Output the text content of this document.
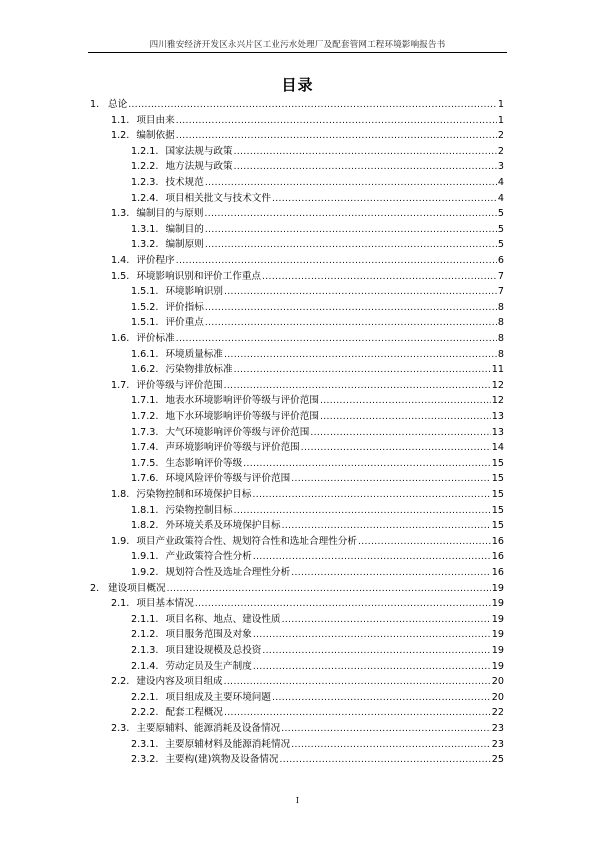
四川雅安经济开发区永兴片区工业污水处理厂及配套管网工程环境影响报告书
目录
1. 总论 .....	1
1.1. 项目由来 .....	1
1.2. 编制依据 .....	2
1.2.1. 国家法规与政策 .....	2
1.2.2. 地方法规与政策 .....	3
1.2.3. 技术规范 .....	4
1.2.4. 项目相关批文与技术文件 .....	4
1.3. 编制目的与原则 .....	5
1.3.1. 编制目的 .....	5
1.3.2. 编制原则 .....	5
1.4. 评价程序 .....	6
1.5. 环境影响识别和评价工作重点 .....	7
1.5.1. 环境影响识别 .....	7
1.5.2. 评价指标 .....	8
1.5.1. 评价重点 .....	8
1.6. 评价标准 .....	8
1.6.1. 环境质量标准 .....	8
1.6.2. 污染物排放标准 .....	11
1.7. 评价等级与评价范围 .....	12
1.7.1. 地表水环境影响评价等级与评价范围 .....	12
1.7.2. 地下水环境影响评价等级与评价范围 .....	13
1.7.3. 大气环境影响评价等级与评价范围 .....	13
1.7.4. 声环境影响评价等级与评价范围 .....	14
1.7.5. 生态影响评价等级 .....	15
1.7.6. 环境风险评价等级与评价范围 .....	15
1.8. 污染物控制和环境保护目标 .....	15
1.8.1. 污染物控制目标 .....	15
1.8.2. 外环境关系及环境保护目标 .....	15
1.9. 项目产业政策符合性、规划符合性和选址合理性分析 .....	16
1.9.1. 产业政策符合性分析 .....	16
1.9.2. 规划符合性及选址合理性分析 .....	16
2. 建设项目概况 .....	19
2.1. 项目基本情况 .....	19
2.1.1. 项目名称、地点、建设性质 .....	19
2.1.2. 项目服务范围及对象 .....	19
2.1.3. 项目建设规模及总投资 .....	19
2.1.4. 劳动定员及生产制度 .....	19
2.2. 建设内容及项目组成 .....	20
2.2.1. 项目组成及主要环境问题 .....	20
2.2.2. 配套工程概况 .....	22
2.3. 主要原辅料、能源消耗及设备情况 .....	23
2.3.1. 主要原辅材料及能源消耗情况 .....	23
2.3.2. 主要构(建)筑物及设备情况 .....	25
I
